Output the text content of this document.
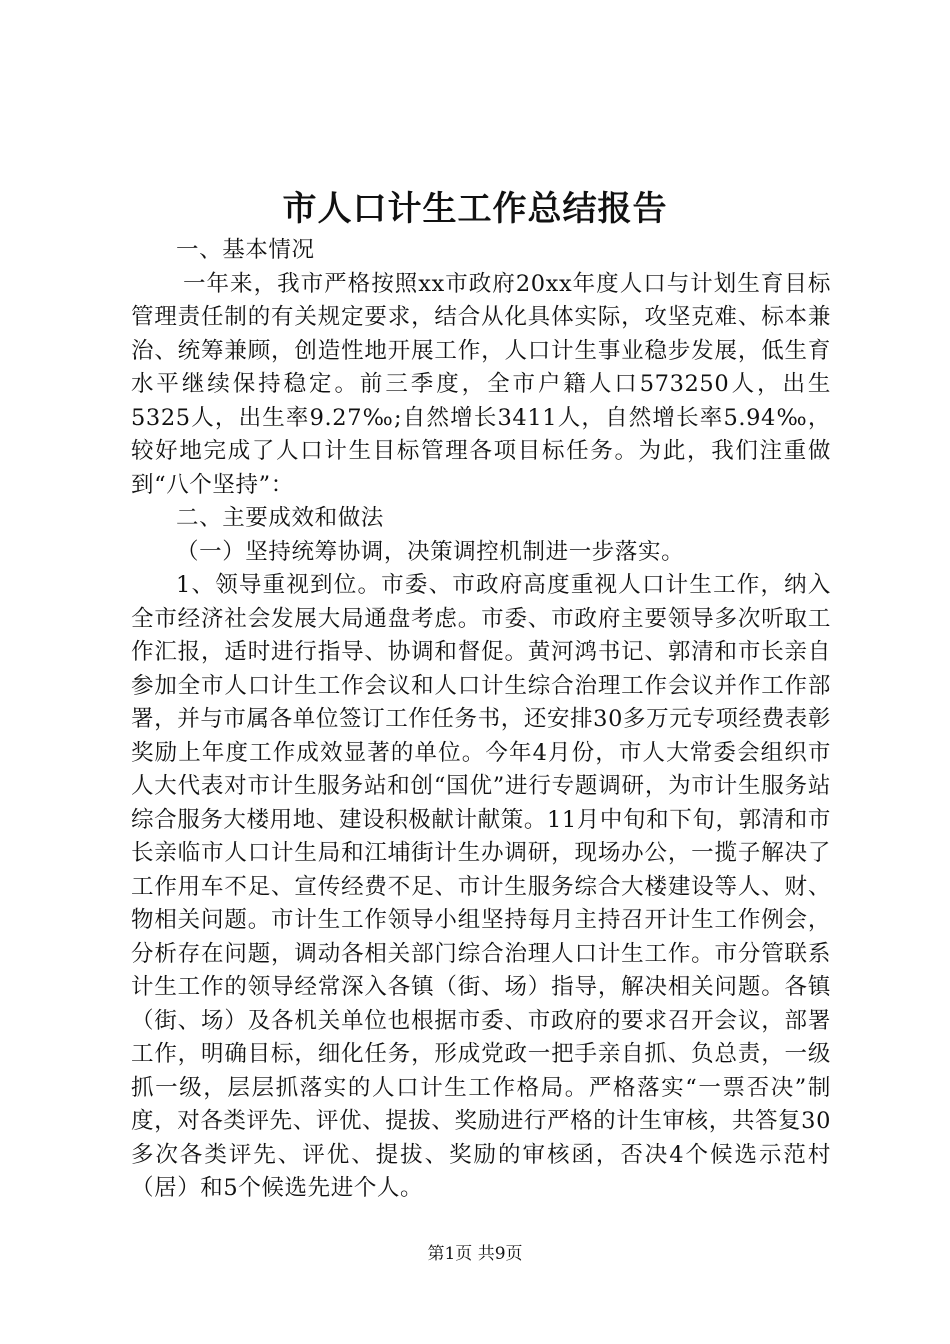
市人口计生工作总结报告

一、基本情况

一年来，我市严格按照xx市政府20xx年度人口与计划生育目标管理责任制的有关规定要求，结合从化具体实际，攻坚克难、标本兼治、统筹兼顾，创造性地开展工作，人口计生事业稳步发展，低生育水平继续保持稳定。前三季度，全市户籍人口573250人，出生5325人，出生率9.27‰;自然增长3411人，自然增长率5.94‰，较好地完成了人口计生目标管理各项目标任务。为此，我们注重做到“八个坚持”：

二、主要成效和做法

（一）坚持统筹协调，决策调控机制进一步落实。

1、领导重视到位。市委、市政府高度重视人口计生工作，纳入全市经济社会发展大局通盘考虑。市委、市政府主要领导多次听取工作汇报，适时进行指导、协调和督促。黄河鸿书记、郭清和市长亲自参加全市人口计生工作会议和人口计生综合治理工作会议并作工作部署，并与市属各单位签订工作任务书，还安排30多万元专项经费表彰奖励上年度工作成效显著的单位。今年4月份，市人大常委会组织市人大代表对市计生服务站和创“国优”进行专题调研，为市计生服务站综合服务大楼用地、建设积极献计献策。11月中旬和下旬，郭清和市长亲临市人口计生局和江埔街计生办调研，现场办公，一揽子解决了工作用车不足、宣传经费不足、市计生服务综合大楼建设等人、财、物相关问题。市计生工作领导小组坚持每月主持召开计生工作例会，分析存在问题，调动各相关部门综合治理人口计生工作。市分管联系计生工作的领导经常深入各镇（街、场）指导，解决相关问题。各镇（街、场）及各机关单位也根据市委、市政府的要求召开会议，部署工作，明确目标，细化任务，形成党政一把手亲自抓、负总责，一级抓一级，层层抓落实的人口计生工作格局。严格落实“一票否决”制度，对各类评先、评优、提拔、奖励进行严格的计生审核，共答复30多次各类评先、评优、提拔、奖励的审核函，否决4个候选示范村（居）和5个候选先进个人。

第1页 共9页
